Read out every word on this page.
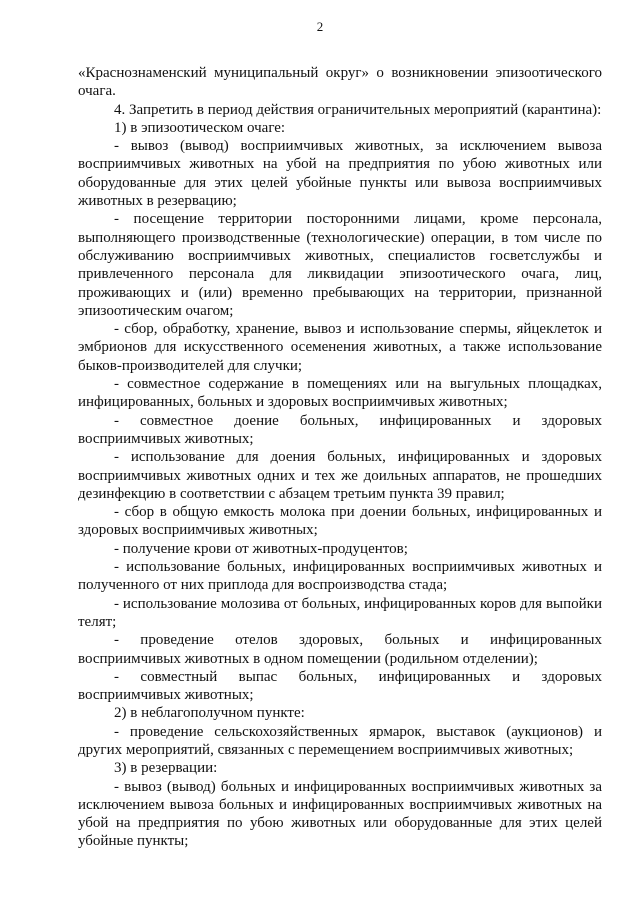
2

«Краснознаменский муниципальный округ» о возникновении эпизоотического очага.

4. Запретить в период действия ограничительных мероприятий (карантина):

1) в эпизоотическом очаге:

- вывоз (вывод) восприимчивых животных, за исключением вывоза восприимчивых животных на убой на предприятия по убою животных или оборудованные для этих целей убойные пункты или вывоза восприимчивых животных в резервацию;

- посещение территории посторонними лицами, кроме персонала, выполняющего производственные (технологические) операции, в том числе по обслуживанию восприимчивых животных, специалистов госветслужбы и привлеченного персонала для ликвидации эпизоотического очага, лиц, проживающих и (или) временно пребывающих на территории, признанной эпизоотическим очагом;

- сбор, обработку, хранение, вывоз и использование спермы, яйцеклеток и эмбрионов для искусственного осеменения животных, а также использование быков-производителей для случки;

- совместное содержание в помещениях или на выгульных площадках, инфицированных, больных и здоровых восприимчивых животных;

- совместное доение больных, инфицированных и здоровых восприимчивых животных;

- использование для доения больных, инфицированных и здоровых восприимчивых животных одних и тех же доильных аппаратов, не прошедших дезинфекцию в соответствии с абзацем третьим пункта 39 правил;

- сбор в общую емкость молока при доении больных, инфицированных и здоровых восприимчивых животных;

- получение крови от животных-продуцентов;

- использование больных, инфицированных восприимчивых животных и полученного от них приплода для воспроизводства стада;

- использование молозива от больных, инфицированных коров для выпойки телят;

- проведение отелов здоровых, больных и инфицированных восприимчивых животных в одном помещении (родильном отделении);

- совместный выпас больных, инфицированных и здоровых восприимчивых животных;

2) в неблагополучном пункте:

- проведение сельскохозяйственных ярмарок, выставок (аукционов) и других мероприятий, связанных с перемещением восприимчивых животных;

3) в резервации:

- вывоз (вывод) больных и инфицированных восприимчивых животных за исключением вывоза больных и инфицированных восприимчивых животных на убой на предприятия по убою животных или оборудованные для этих целей убойные пункты;
